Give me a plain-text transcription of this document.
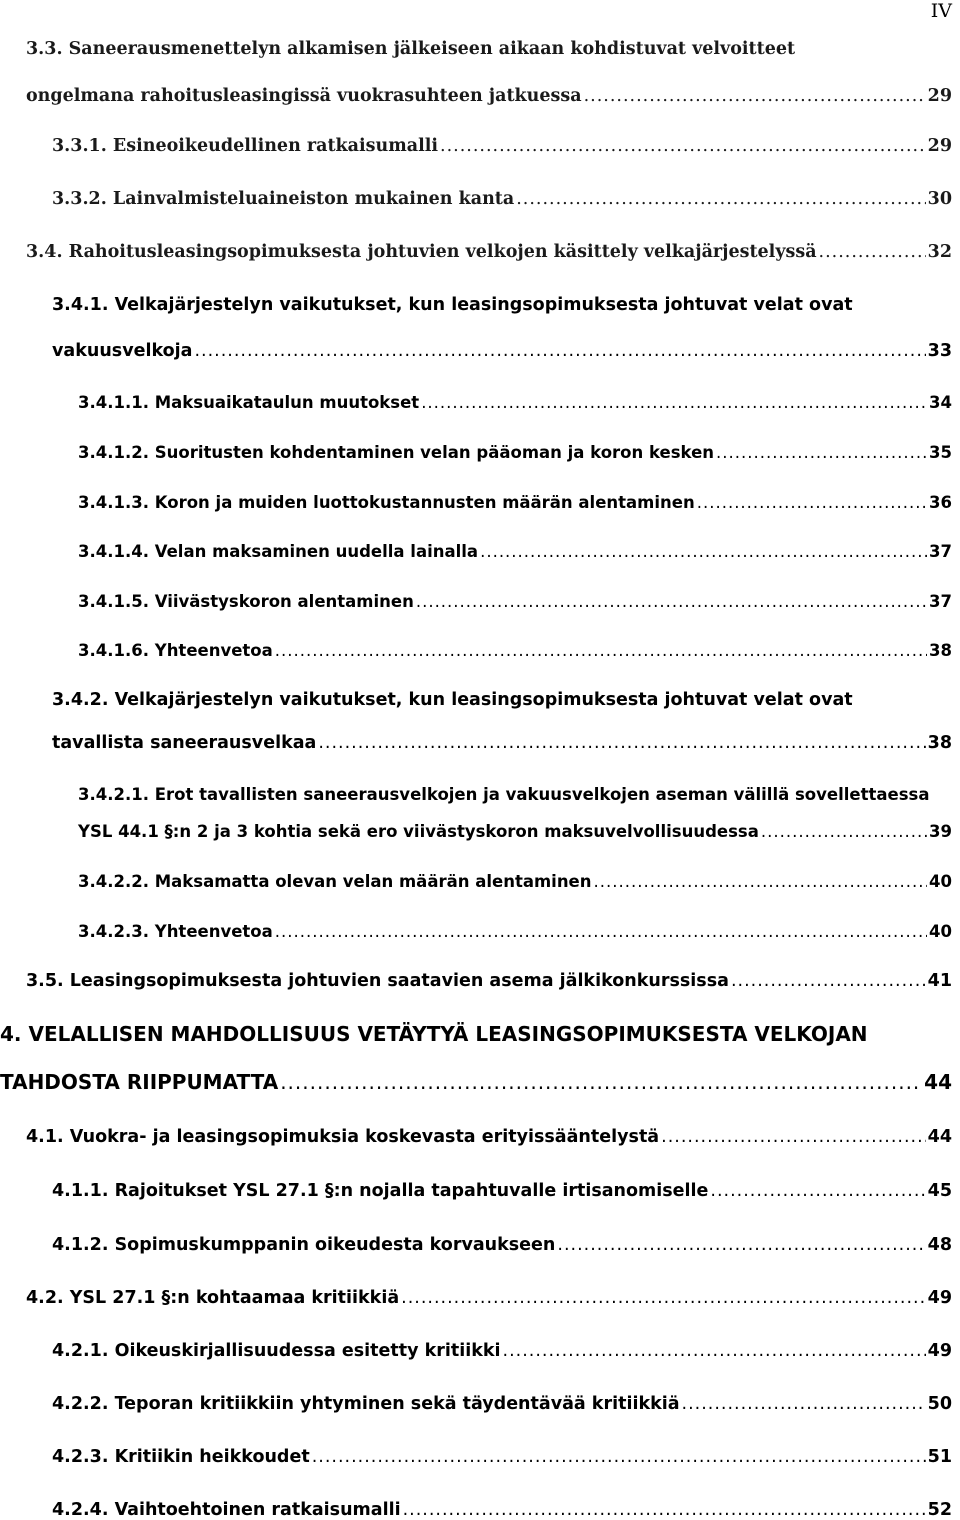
IV
3.3. Saneerausmenettelyn alkamisen jälkeiseen aikaan kohdistuvat velvoitteet
ongelmana rahoitusleasingissä vuokrasuhteen jatkuessa .....	29
3.3.1. Esineoikeudellinen ratkaisumalli .....	29
3.3.2. Lainvalmisteluaineiston mukainen kanta .....	30
3.4. Rahoitusleasingsopimuksesta johtuvien velkojen käsittely velkajärjestelyssä .....	32
3.4.1. Velkajärjestelyn vaikutukset, kun leasingsopimuksesta johtuvat velat ovat
vakuusvelkoja .....	33
3.4.1.1. Maksuaikataulun muutokset .....	34
3.4.1.2. Suoritusten kohdentaminen velan pääoman ja koron kesken .....	35
3.4.1.3. Koron ja muiden luottokustannusten määrän alentaminen .....	36
3.4.1.4. Velan maksaminen uudella lainalla .....	37
3.4.1.5. Viivästyskoron alentaminen .....	37
3.4.1.6. Yhteenvetoa .....	38
3.4.2. Velkajärjestelyn vaikutukset, kun leasingsopimuksesta johtuvat velat ovat
tavallista saneerausvelkaa .....	38
3.4.2.1. Erot tavallisten saneerausvelkojen ja vakuusvelkojen aseman välillä sovellettaessa
YSL 44.1 §:n 2 ja 3 kohtia sekä ero viivästyskoron maksuvelvollisuudessa .....	39
3.4.2.2. Maksamatta olevan velan määrän alentaminen .....	40
3.4.2.3. Yhteenvetoa .....	40
3.5. Leasingsopimuksesta johtuvien saatavien asema jälkikonkurssissa .....	41
4. VELALLISEN MAHDOLLISUUS VETÄYTYÄ LEASINGSOPIMUKSESTA VELKOJAN
TAHDOSTA RIIPPUMATTA .....	44
4.1. Vuokra- ja leasingsopimuksia koskevasta erityissääntelystä .....	44
4.1.1. Rajoitukset YSL 27.1 §:n nojalla tapahtuvalle irtisanomiselle .....	45
4.1.2. Sopimuskumppanin oikeudesta korvaukseen .....	48
4.2. YSL 27.1 §:n kohtaamaa kritiikkiä .....	49
4.2.1. Oikeuskirjallisuudessa esitetty kritiikki .....	49
4.2.2. Teporan kritiikkiin yhtyminen sekä täydentävää kritiikkiä .....	50
4.2.3. Kritiikin heikkoudet .....	51
4.2.4. Vaihtoehtoinen ratkaisumalli .....	52
